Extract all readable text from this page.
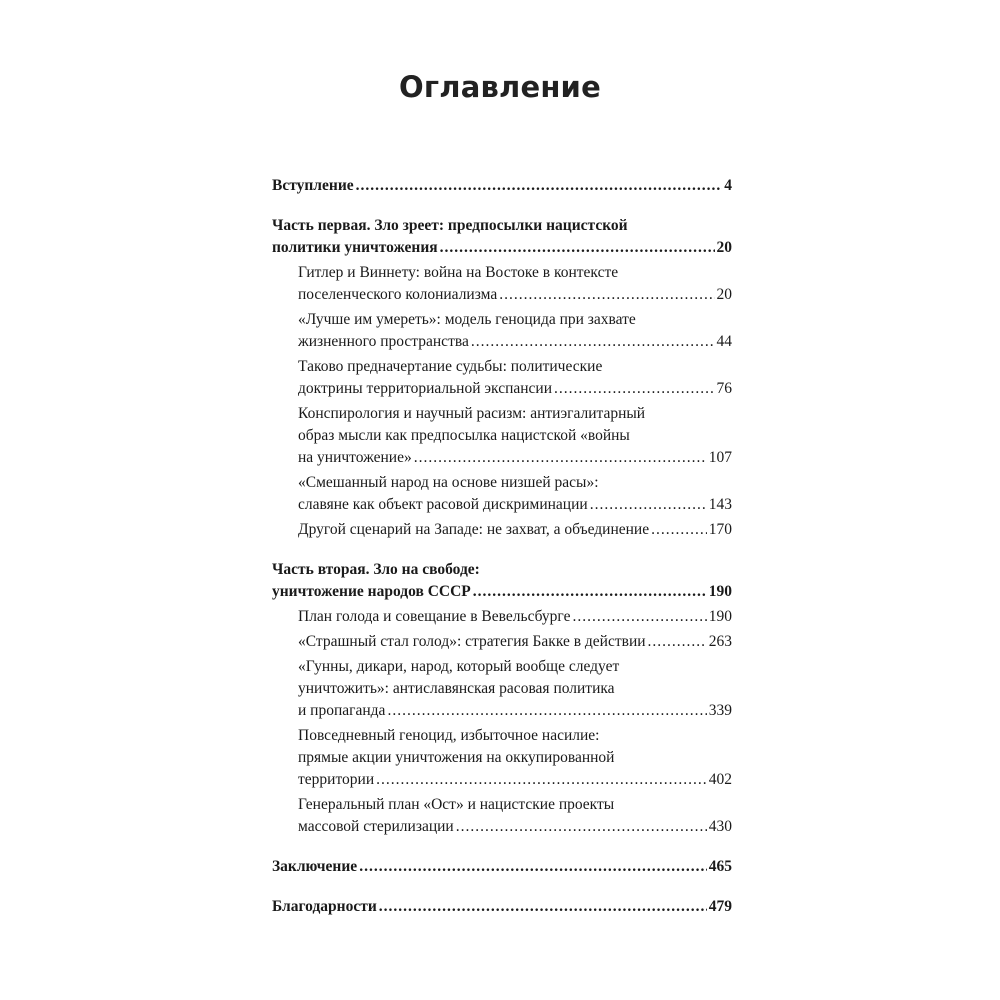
Оглавление
Вступление .....	4
Часть первая. Зло зреет: предпосылки нацистской
политики уничтожения .....	20
Гитлер и Виннету: война на Востоке в контексте
поселенческого колониализма .....	20
«Лучше им умереть»: модель геноцида при захвате
жизненного пространства .....	44
Таково предначертание судьбы: политические
доктрины территориальной экспансии .....	76
Конспирология и научный расизм: антиэгалитарный
образ мысли как предпосылка нацистской «войны
на уничтожение» .....	107
«Смешанный народ на основе низшей расы»:
славяне как объект расовой дискриминации .....	143
Другой сценарий на Западе: не захват, а объединение .....	170
Часть вторая. Зло на свободе:
уничтожение народов СССР .....	190
План голода и совещание в Вевельсбурге .....	190
«Страшный стал голод»: стратегия Бакке в действии .....	263
«Гунны, дикари, народ, который вообще следует
уничтожить»: антиславянская расовая политика
и пропаганда .....	339
Повседневный геноцид, избыточное насилие:
прямые акции уничтожения на оккупированной
территории .....	402
Генеральный план «Ост» и нацистские проекты
массовой стерилизации .....	430
Заключение .....	465
Благодарности .....	479
